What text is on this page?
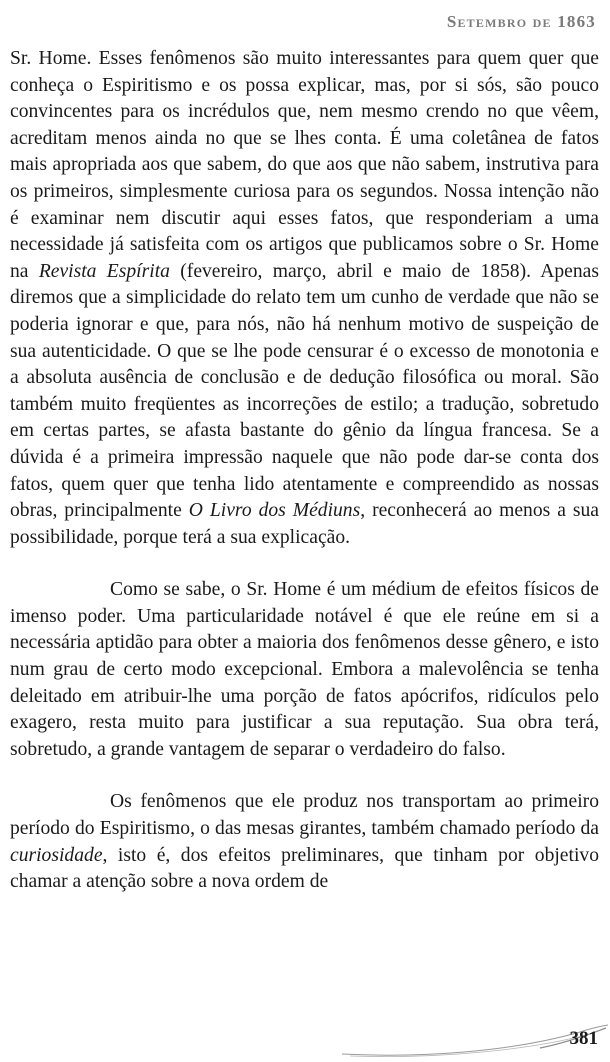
Setembro de 1863

Sr. Home. Esses fenômenos são muito interessantes para quem quer que conheça o Espiritismo e os possa explicar, mas, por si sós, são pouco convincentes para os incrédulos que, nem mesmo crendo no que vêem, acreditam menos ainda no que se lhes conta. É uma coletânea de fatos mais apropriada aos que sabem, do que aos que não sabem, instrutiva para os primeiros, simplesmente curiosa para os segundos. Nossa intenção não é examinar nem discutir aqui esses fatos, que responderiam a uma necessidade já satisfeita com os artigos que publicamos sobre o Sr. Home na Revista Espírita (fevereiro, março, abril e maio de 1858). Apenas diremos que a simplicidade do relato tem um cunho de verdade que não se poderia ignorar e que, para nós, não há nenhum motivo de suspeição de sua autenticidade. O que se lhe pode censurar é o excesso de monotonia e a absoluta ausência de conclusão e de dedução filosófica ou moral. São também muito freqüentes as incorreções de estilo; a tradução, sobretudo em certas partes, se afasta bastante do gênio da língua francesa. Se a dúvida é a primeira impressão naquele que não pode dar-se conta dos fatos, quem quer que tenha lido atentamente e compreendido as nossas obras, principalmente O Livro dos Médiuns, reconhecerá ao menos a sua possibilidade, porque terá a sua explicação.

Como se sabe, o Sr. Home é um médium de efeitos físicos de imenso poder. Uma particularidade notável é que ele reúne em si a necessária aptidão para obter a maioria dos fenômenos desse gênero, e isto num grau de certo modo excepcional. Embora a malevolência se tenha deleitado em atribuir-lhe uma porção de fatos apócrifos, ridículos pelo exagero, resta muito para justificar a sua reputação. Sua obra terá, sobretudo, a grande vantagem de separar o verdadeiro do falso.

Os fenômenos que ele produz nos transportam ao primeiro período do Espiritismo, o das mesas girantes, também chamado período da curiosidade, isto é, dos efeitos preliminares, que tinham por objetivo chamar a atenção sobre a nova ordem de

381
